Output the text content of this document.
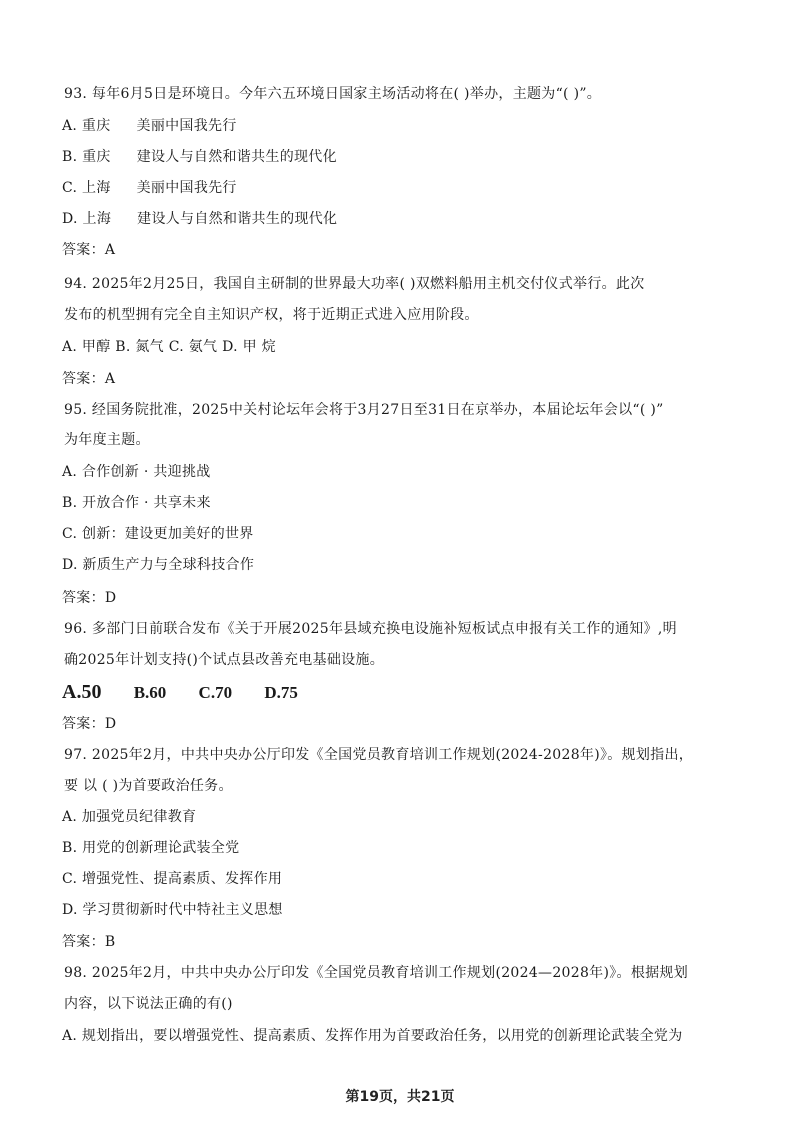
93. 每年6月5日是环境日。今年六五环境日国家主场活动将在( )举办，主题为“( )”。
A. 重庆 美丽中国我先行
B. 重庆 建设人与自然和谐共生的现代化
C. 上海 美丽中国我先行
D. 上海 建设人与自然和谐共生的现代化
答案：A
94. 2025年2月25日，我国自主研制的世界最大功率( )双燃料船用主机交付仪式举行。此次
发布的机型拥有完全自主知识产权，将于近期正式进入应用阶段。
A. 甲醇 B. 氮气 C. 氨气 D. 甲 烷
答案：A
95. 经国务院批准，2025中关村论坛年会将于3月27日至31日在京举办，本届论坛年会以“( )”
为年度主题。
A. 合作创新 · 共迎挑战
B. 开放合作 · 共享未来
C. 创新：建设更加美好的世界
D. 新质生产力与全球科技合作
答案：D
96. 多部门日前联合发布《关于开展2025年县域充换电设施补短板试点申报有关工作的通知》,明
确2025年计划支持()个试点县改善充电基础设施。
A.50 B.60 C.70 D.75
答案：D
97. 2025年2月，中共中央办公厅印发《全国党员教育培训工作规划(2024-2028年)》。规划指出，
要 以 ( )为首要政治任务。
A. 加强党员纪律教育
B. 用党的创新理论武装全党
C. 增强党性、提高素质、发挥作用
D. 学习贯彻新时代中特社主义思想
答案：B
98. 2025年2月，中共中央办公厅印发《全国党员教育培训工作规划(2024—2028年)》。根据规划
内容，以下说法正确的有()
A. 规划指出，要以增强党性、提高素质、发挥作用为首要政治任务，以用党的创新理论武装全党为
第19页，共21页
